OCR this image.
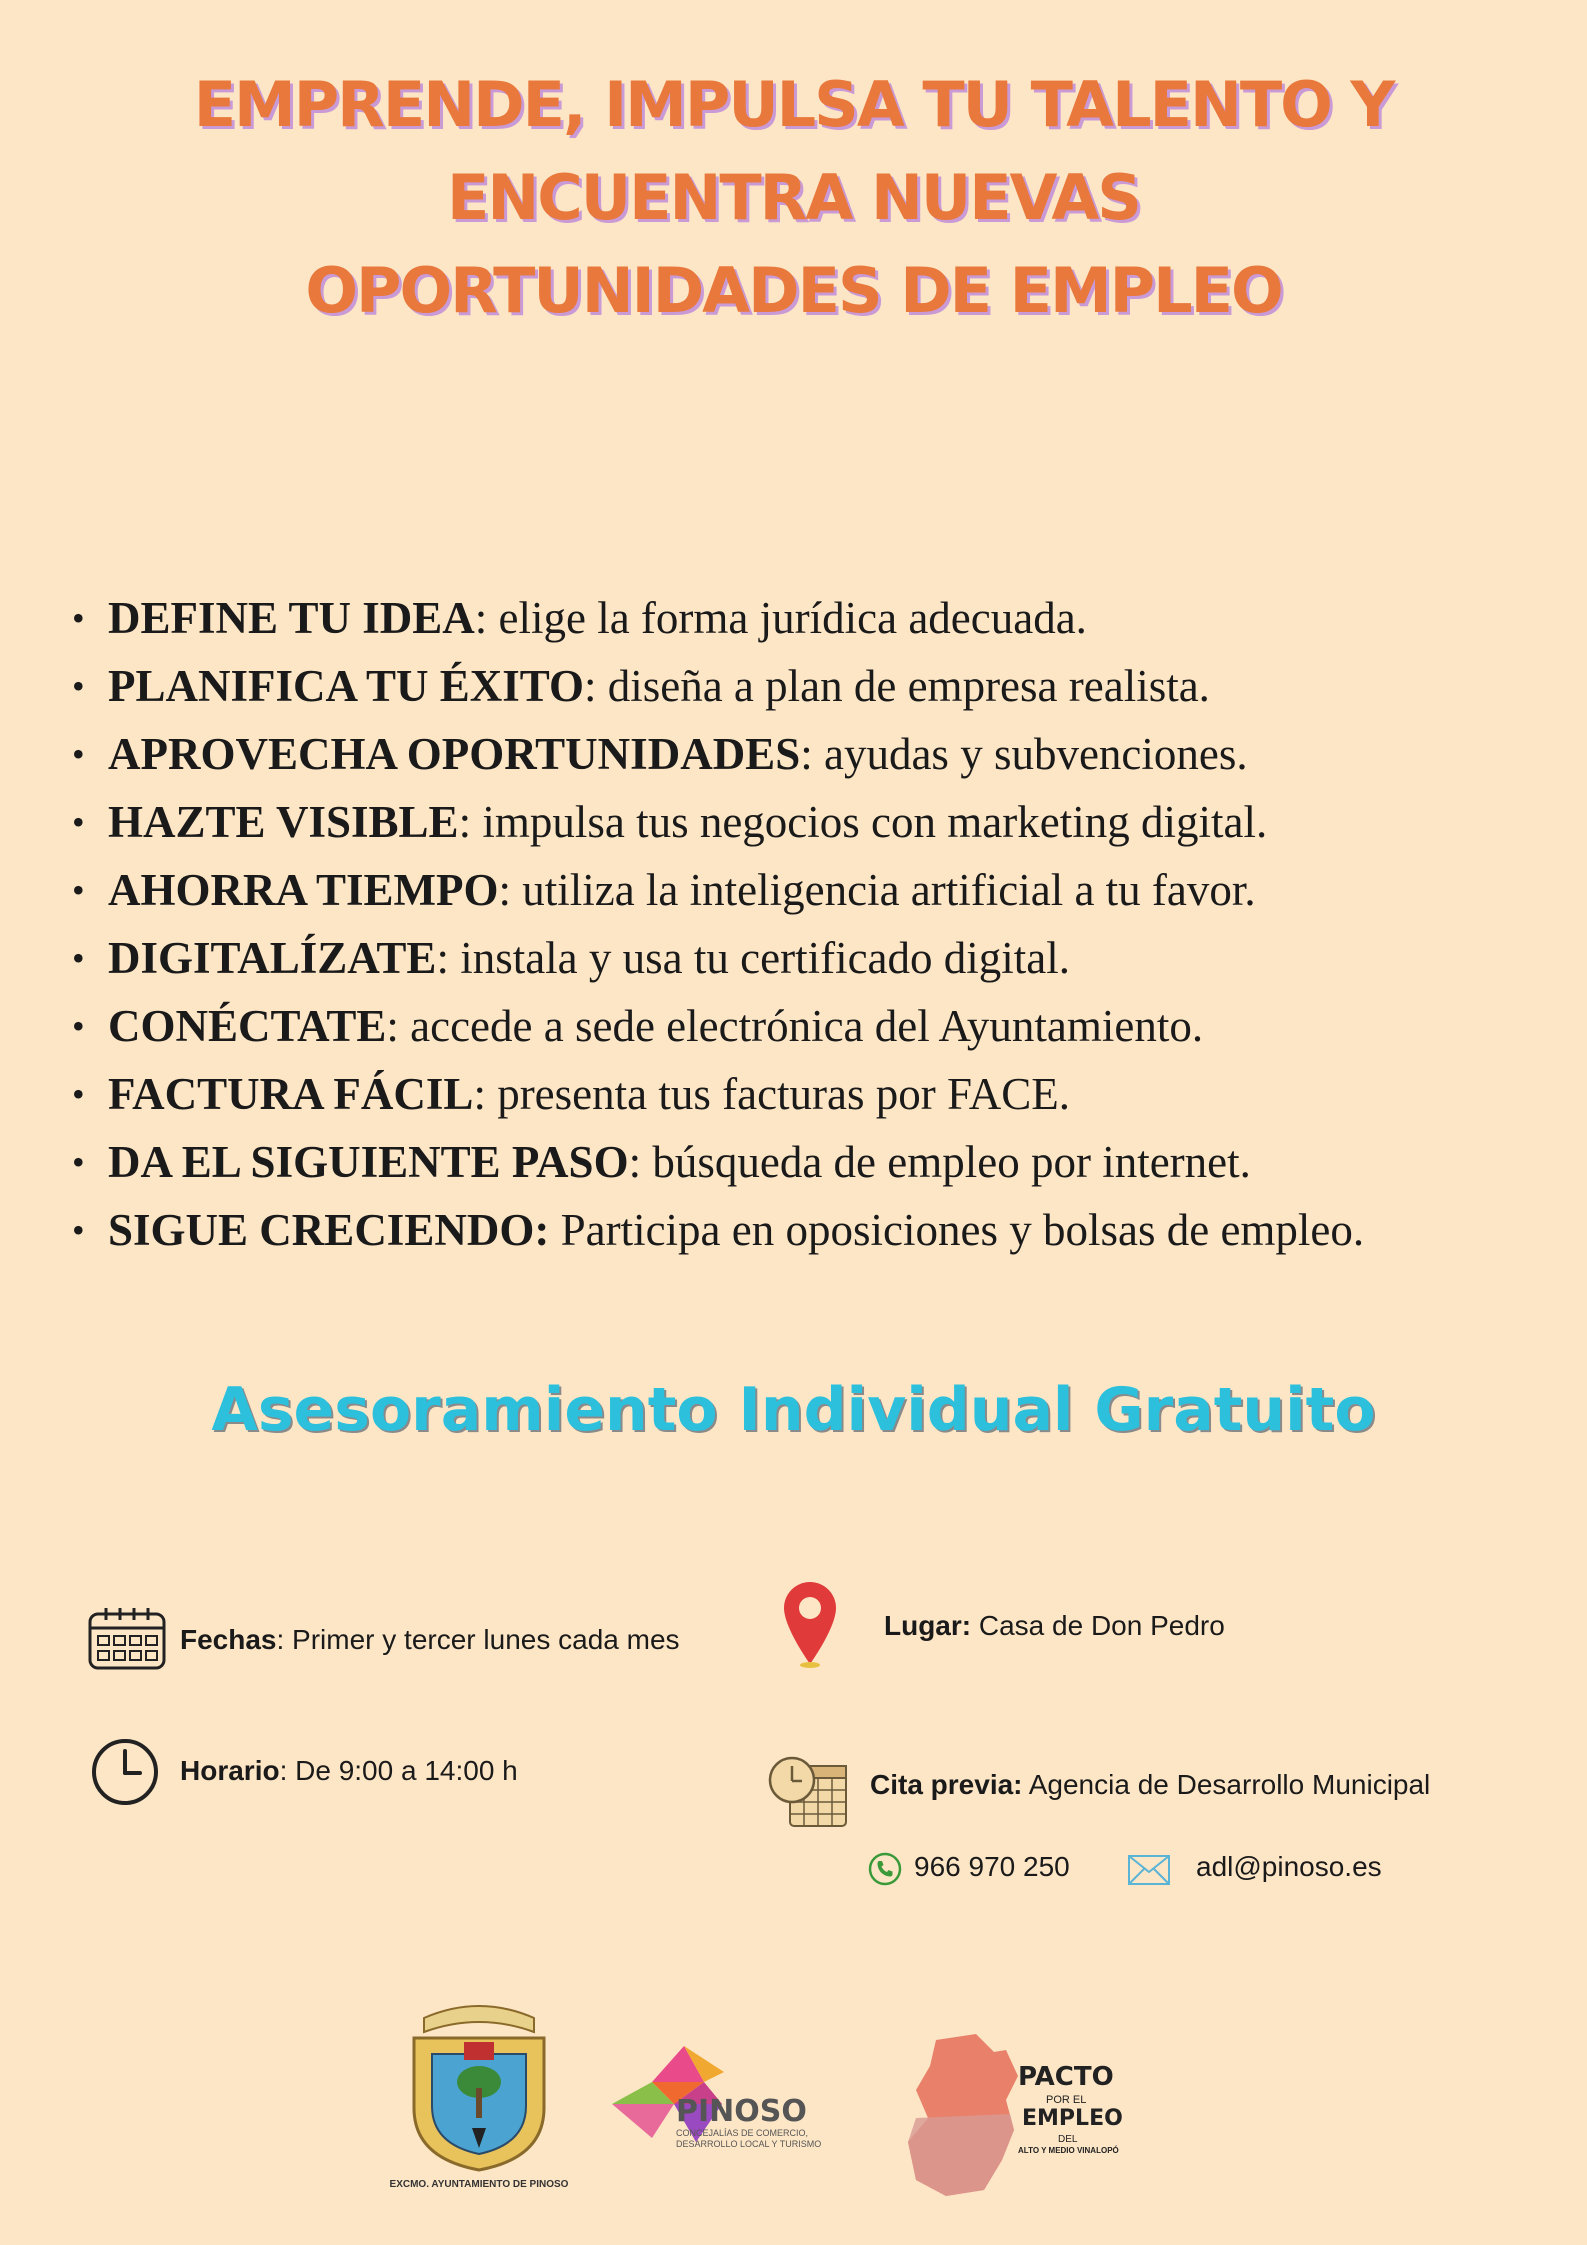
EMPRENDE, IMPULSA TU TALENTO Y
ENCUENTRA NUEVAS
OPORTUNIDADES DE EMPLEO
• DEFINE TU IDEA: elige la forma jurídica adecuada.
• PLANIFICA TU ÉXITO: diseña a plan de empresa realista.
• APROVECHA OPORTUNIDADES: ayudas y subvenciones.
• HAZTE VISIBLE: impulsa tus negocios con marketing digital.
• AHORRA TIEMPO: utiliza la inteligencia artificial a tu favor.
• DIGITALÍZATE: instala y usa tu certificado digital.
• CONÉCTATE: accede a sede electrónica del Ayuntamiento.
• FACTURA FÁCIL: presenta tus facturas por FACE.
• DA EL SIGUIENTE PASO: búsqueda de empleo por internet.
• SIGUE CRECIENDO: Participa en oposiciones y bolsas de empleo.
Asesoramiento Individual Gratuito
Fechas: Primer y tercer lunes cada mes	Lugar: Casa de Don Pedro
Horario: De 9:00 a 14:00 h	Cita previa: Agencia de Desarrollo Municipal
966 970 250	adl@pinoso.es
EXCMO. AYUNTAMIENTO DE PINOSO
PINOSO
CONCEJALÍAS DE COMERCIO,
DESARROLLO LOCAL Y TURISMO
PACTO
POR EL
EMPLEO
DEL
ALTO Y MEDIO VINALOPÓ
